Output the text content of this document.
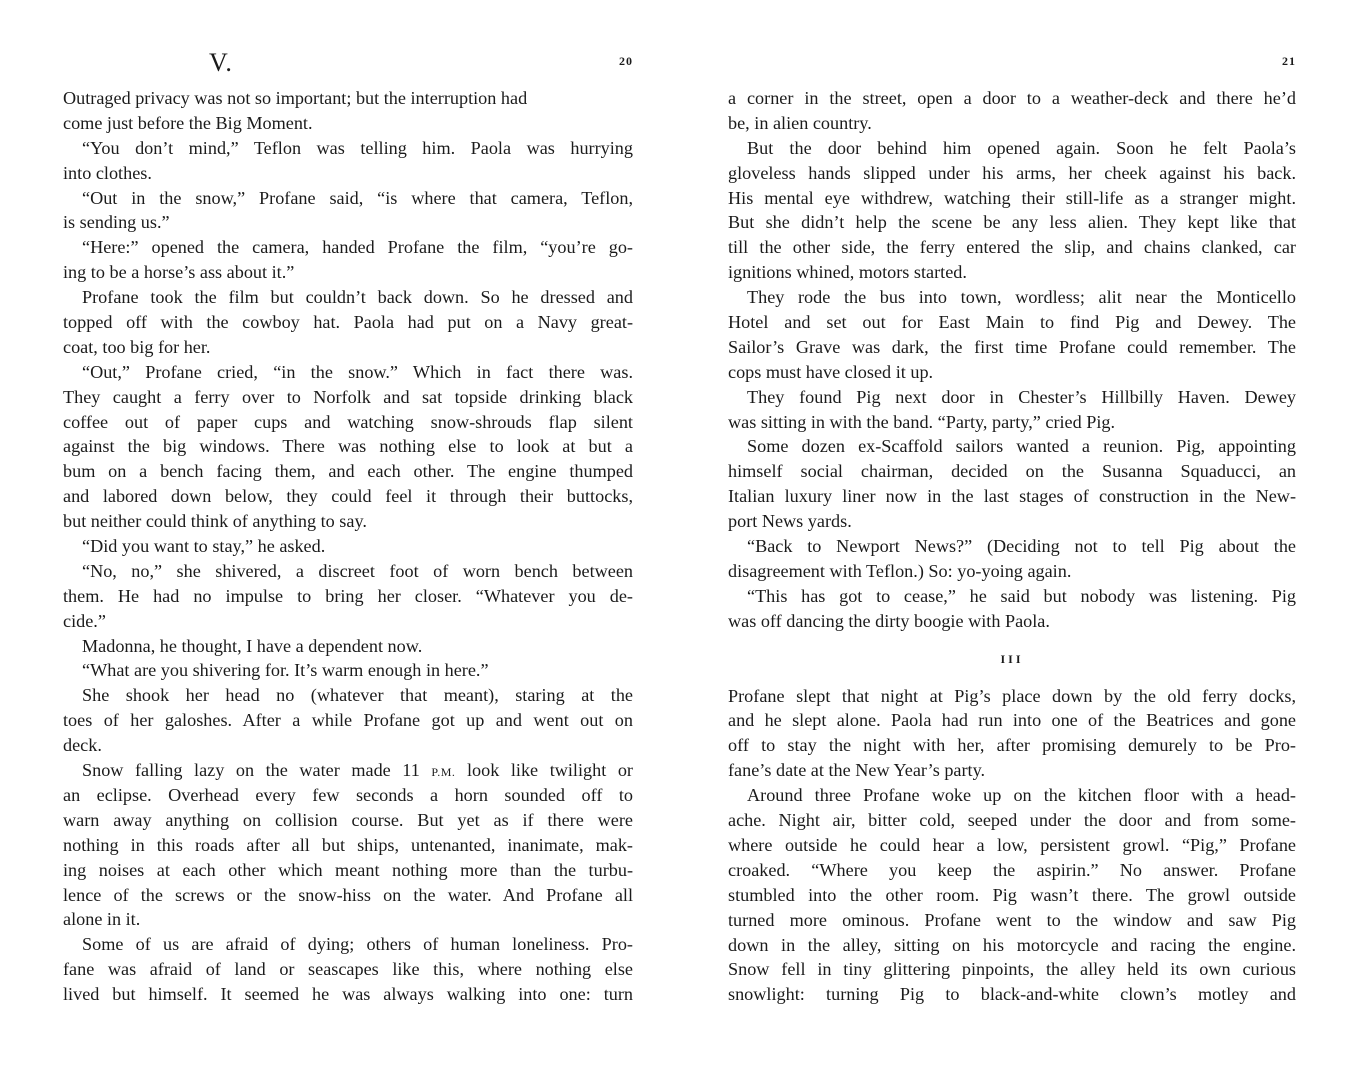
V.	20
Outraged privacy was not so important; but the interruption had
come just before the Big Moment.
“You don’t mind,” Teflon was telling him. Paola was hurrying
into clothes.
“Out in the snow,” Profane said, “is where that camera, Teflon,
is sending us.”
“Here:” opened the camera, handed Profane the film, “you’re go-
ing to be a horse’s ass about it.”
Profane took the film but couldn’t back down. So he dressed and
topped off with the cowboy hat. Paola had put on a Navy great-
coat, too big for her.
“Out,” Profane cried, “in the snow.” Which in fact there was.
They caught a ferry over to Norfolk and sat topside drinking black
coffee out of paper cups and watching snow-shrouds flap silent
against the big windows. There was nothing else to look at but a
bum on a bench facing them, and each other. The engine thumped
and labored down below, they could feel it through their buttocks,
but neither could think of anything to say.
“Did you want to stay,” he asked.
“No, no,” she shivered, a discreet foot of worn bench between
them. He had no impulse to bring her closer. “Whatever you de-
cide.”
Madonna, he thought, I have a dependent now.
“What are you shivering for. It’s warm enough in here.”
She shook her head no (whatever that meant), staring at the
toes of her galoshes. After a while Profane got up and went out on
deck.
Snow falling lazy on the water made 11 P.M. look like twilight or
an eclipse. Overhead every few seconds a horn sounded off to
warn away anything on collision course. But yet as if there were
nothing in this roads after all but ships, untenanted, inanimate, mak-
ing noises at each other which meant nothing more than the turbu-
lence of the screws or the snow-hiss on the water. And Profane all
alone in it.
Some of us are afraid of dying; others of human loneliness. Pro-
fane was afraid of land or seascapes like this, where nothing else
lived but himself. It seemed he was always walking into one: turn
21
a corner in the street, open a door to a weather-deck and there he’d
be, in alien country.
But the door behind him opened again. Soon he felt Paola’s
gloveless hands slipped under his arms, her cheek against his back.
His mental eye withdrew, watching their still-life as a stranger might.
But she didn’t help the scene be any less alien. They kept like that
till the other side, the ferry entered the slip, and chains clanked, car
ignitions whined, motors started.
They rode the bus into town, wordless; alit near the Monticello
Hotel and set out for East Main to find Pig and Dewey. The
Sailor’s Grave was dark, the first time Profane could remember. The
cops must have closed it up.
They found Pig next door in Chester’s Hillbilly Haven. Dewey
was sitting in with the band. “Party, party,” cried Pig.
Some dozen ex-Scaffold sailors wanted a reunion. Pig, appointing
himself social chairman, decided on the Susanna Squaducci, an
Italian luxury liner now in the last stages of construction in the New-
port News yards.
“Back to Newport News?” (Deciding not to tell Pig about the
disagreement with Teflon.) So: yo-yoing again.
“This has got to cease,” he said but nobody was listening. Pig
was off dancing the dirty boogie with Paola.
III
Profane slept that night at Pig’s place down by the old ferry docks,
and he slept alone. Paola had run into one of the Beatrices and gone
off to stay the night with her, after promising demurely to be Pro-
fane’s date at the New Year’s party.
Around three Profane woke up on the kitchen floor with a head-
ache. Night air, bitter cold, seeped under the door and from some-
where outside he could hear a low, persistent growl. “Pig,” Profane
croaked. “Where you keep the aspirin.” No answer. Profane
stumbled into the other room. Pig wasn’t there. The growl outside
turned more ominous. Profane went to the window and saw Pig
down in the alley, sitting on his motorcycle and racing the engine.
Snow fell in tiny glittering pinpoints, the alley held its own curious
snowlight: turning Pig to black-and-white clown’s motley and
